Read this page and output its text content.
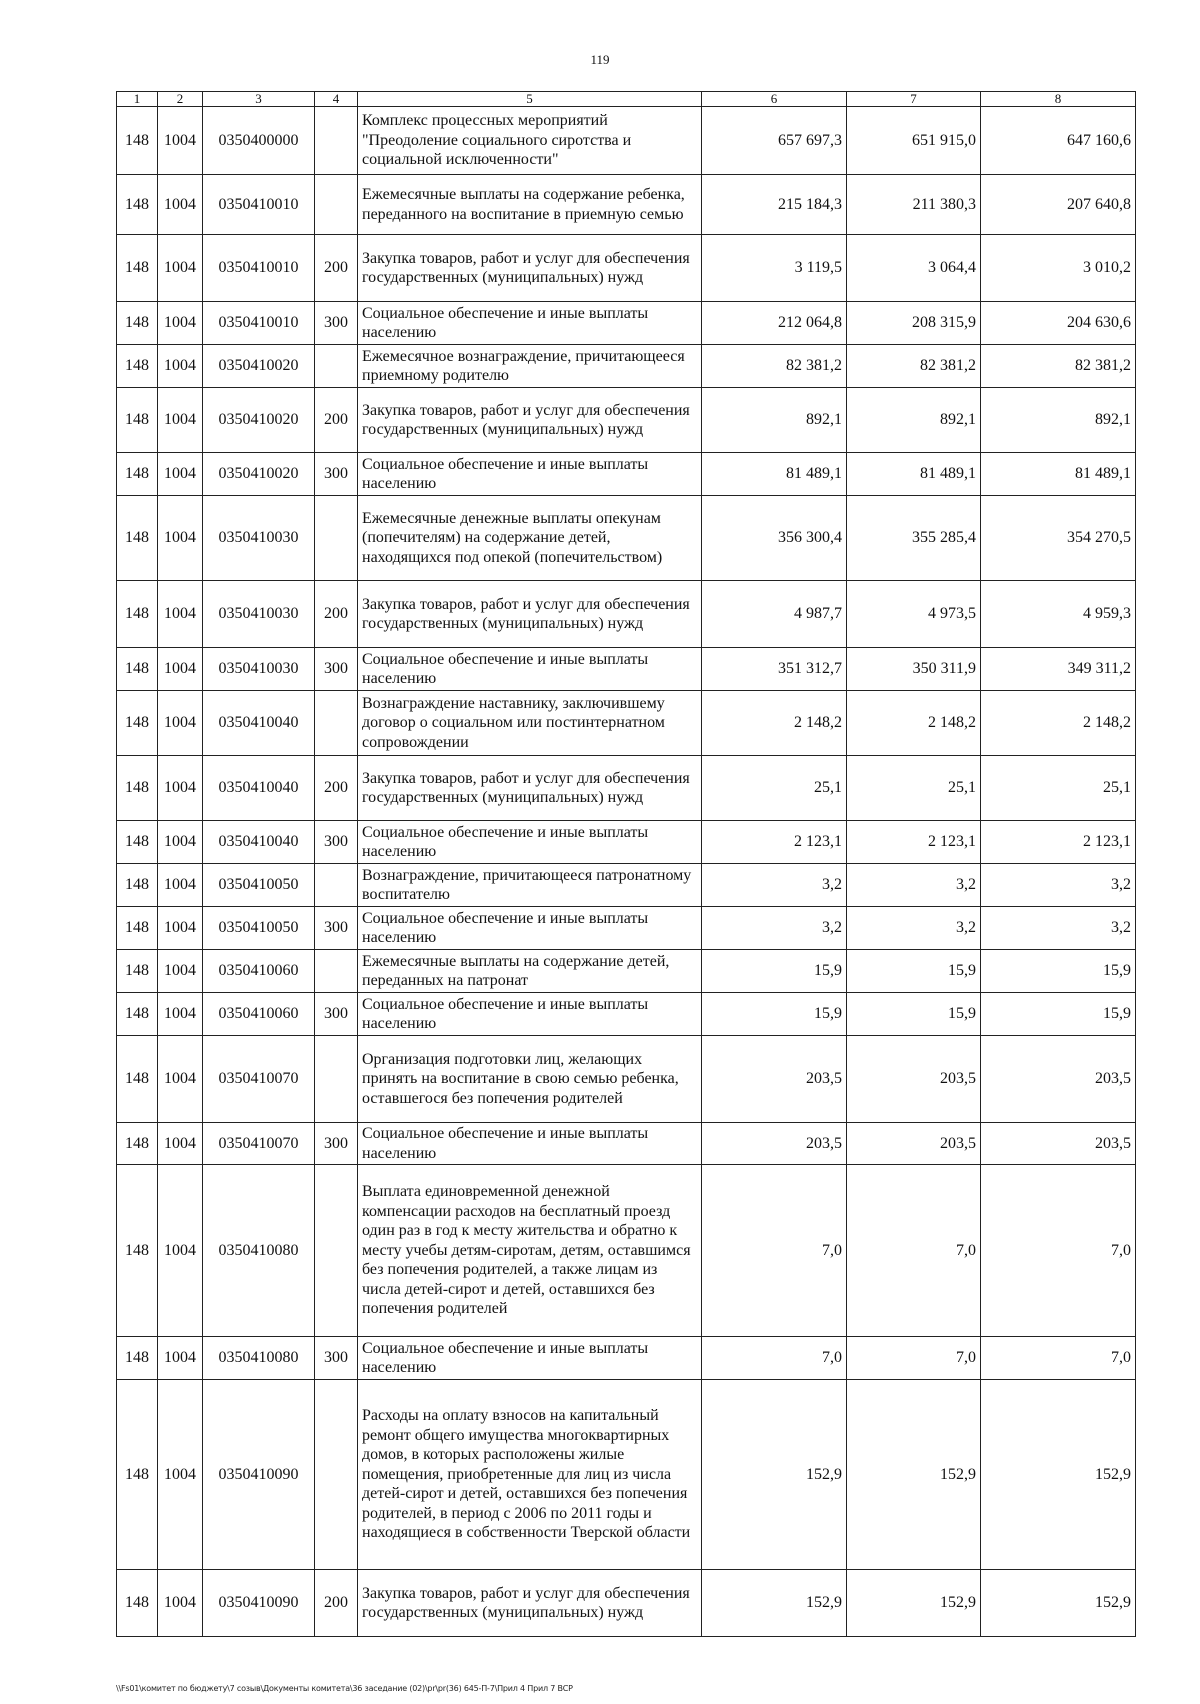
119
1	2	3	4	5	6	7	8
148	1004	0350400000		Комплекс процессных мероприятий "Преодоление социального сиротства и социальной исключенности"	657 697,3	651 915,0	647 160,6
148	1004	0350410010		Ежемесячные выплаты на содержание ребенка, переданного на воспитание в приемную семью	215 184,3	211 380,3	207 640,8
148	1004	0350410010	200	Закупка товаров, работ и услуг для обеспечения государственных (муниципальных) нужд	3 119,5	3 064,4	3 010,2
148	1004	0350410010	300	Социальное обеспечение и иные выплаты населению	212 064,8	208 315,9	204 630,6
148	1004	0350410020		Ежемесячное вознаграждение, причитающееся приемному родителю	82 381,2	82 381,2	82 381,2
148	1004	0350410020	200	Закупка товаров, работ и услуг для обеспечения государственных (муниципальных) нужд	892,1	892,1	892,1
148	1004	0350410020	300	Социальное обеспечение и иные выплаты населению	81 489,1	81 489,1	81 489,1
148	1004	0350410030		Ежемесячные денежные выплаты опекунам (попечителям) на содержание детей, находящихся под опекой (попечительством)	356 300,4	355 285,4	354 270,5
148	1004	0350410030	200	Закупка товаров, работ и услуг для обеспечения государственных (муниципальных) нужд	4 987,7	4 973,5	4 959,3
148	1004	0350410030	300	Социальное обеспечение и иные выплаты населению	351 312,7	350 311,9	349 311,2
148	1004	0350410040		Вознаграждение наставнику, заключившему договор о социальном или постинтернатном сопровождении	2 148,2	2 148,2	2 148,2
148	1004	0350410040	200	Закупка товаров, работ и услуг для обеспечения государственных (муниципальных) нужд	25,1	25,1	25,1
148	1004	0350410040	300	Социальное обеспечение и иные выплаты населению	2 123,1	2 123,1	2 123,1
148	1004	0350410050		Вознаграждение, причитающееся патронатному воспитателю	3,2	3,2	3,2
148	1004	0350410050	300	Социальное обеспечение и иные выплаты населению	3,2	3,2	3,2
148	1004	0350410060		Ежемесячные выплаты на содержание детей, переданных на патронат	15,9	15,9	15,9
148	1004	0350410060	300	Социальное обеспечение и иные выплаты населению	15,9	15,9	15,9
148	1004	0350410070		Организация подготовки лиц, желающих принять на воспитание в свою семью ребенка, оставшегося без попечения родителей	203,5	203,5	203,5
148	1004	0350410070	300	Социальное обеспечение и иные выплаты населению	203,5	203,5	203,5
148	1004	0350410080		Выплата единовременной денежной компенсации расходов на бесплатный проезд один раз в год к месту жительства и обратно к месту учебы детям-сиротам, детям, оставшимся без попечения родителей, а также лицам из числа детей-сирот и детей, оставшихся без попечения родителей	7,0	7,0	7,0
148	1004	0350410080	300	Социальное обеспечение и иные выплаты населению	7,0	7,0	7,0
148	1004	0350410090		Расходы на оплату взносов на капитальный ремонт общего имущества многоквартирных домов, в которых расположены жилые помещения, приобретенные для лиц из числа детей-сирот и детей, оставшихся без попечения родителей, в период с 2006 по 2011 годы и находящиеся в собственности Тверской области	152,9	152,9	152,9
148	1004	0350410090	200	Закупка товаров, работ и услуг для обеспечения государственных (муниципальных) нужд	152,9	152,9	152,9
\\Fs01\комитет по бюджету\7 созыв\Документы комитета\36 заседание (02)\pr\pr(36) 645-П-7\Прил 4 Прил 7 ВСР
